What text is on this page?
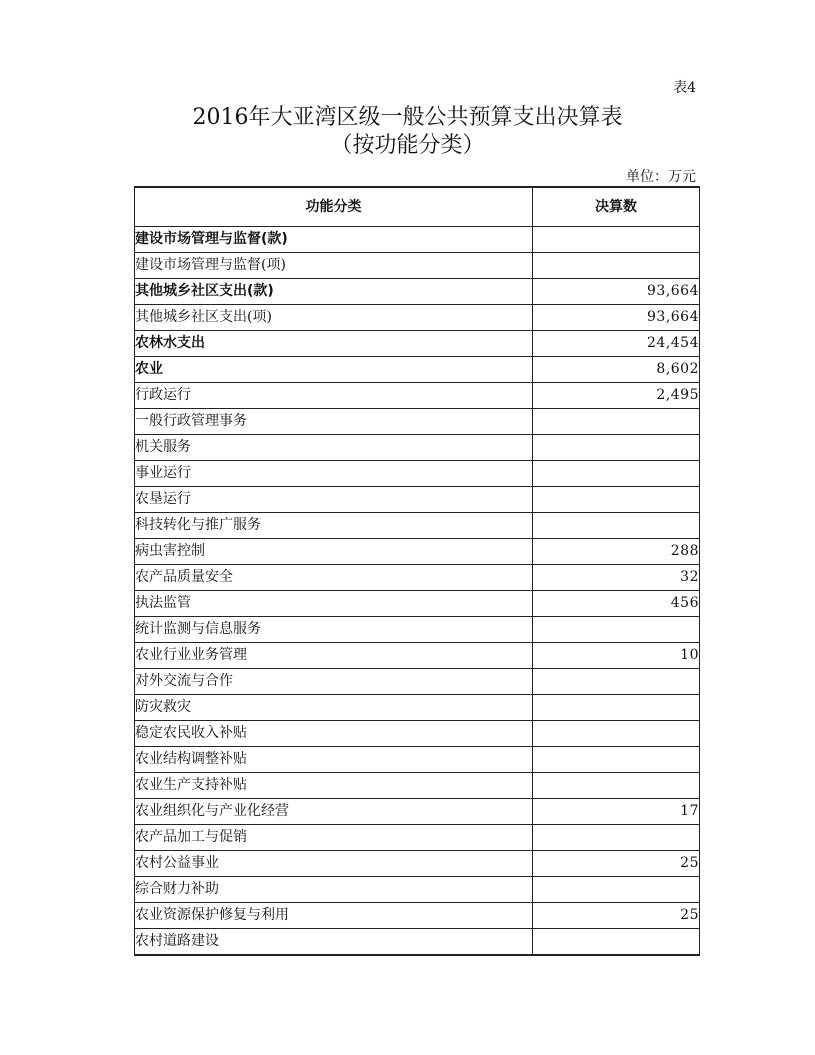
表4
2016年大亚湾区级一般公共预算支出决算表
（按功能分类）
单位：万元
功能分类	决算数
建设市场管理与监督(款)	
建设市场管理与监督(项)	
其他城乡社区支出(款)	93,664
其他城乡社区支出(项)	93,664
农林水支出	24,454
农业	8,602
行政运行	2,495
一般行政管理事务	
机关服务	
事业运行	
农垦运行	
科技转化与推广服务	
病虫害控制	288
农产品质量安全	32
执法监管	456
统计监测与信息服务	
农业行业业务管理	10
对外交流与合作	
防灾救灾	
稳定农民收入补贴	
农业结构调整补贴	
农业生产支持补贴	
农业组织化与产业化经营	17
农产品加工与促销	
农村公益事业	25
综合财力补助	
农业资源保护修复与利用	25
农村道路建设	
